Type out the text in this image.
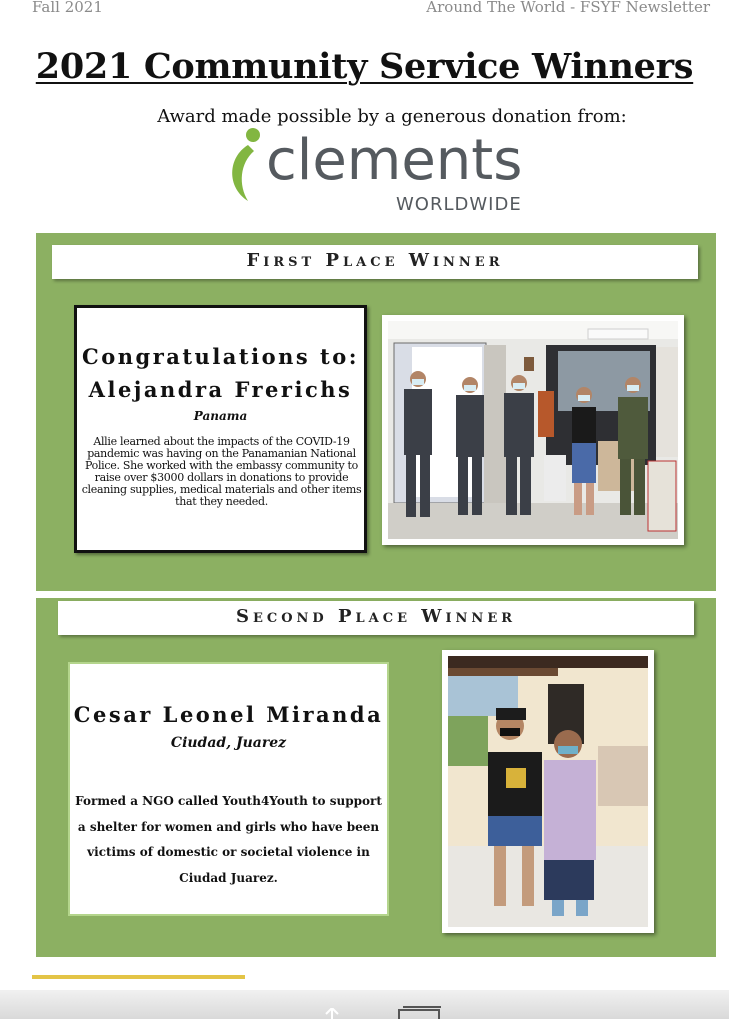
Fall 2021	Around The World - FSYF Newsletter
2021 Community Service Winners
Award made possible by a generous donation from:
clements
WORLDWIDE
First Place Winner
Congratulations to:
Alejandra Frerichs
Panama
Allie learned about the impacts of the COVID-19 pandemic was having on the Panamanian National Police. She worked with the embassy community to raise over $3000 dollars in donations to provide cleaning supplies, medical materials and other items that they needed.
Second Place Winner
Cesar Leonel Miranda
Ciudad, Juarez
Formed a NGO called Youth4Youth to support a shelter for women and girls who have been victims of domestic or societal violence in Ciudad Juarez.
